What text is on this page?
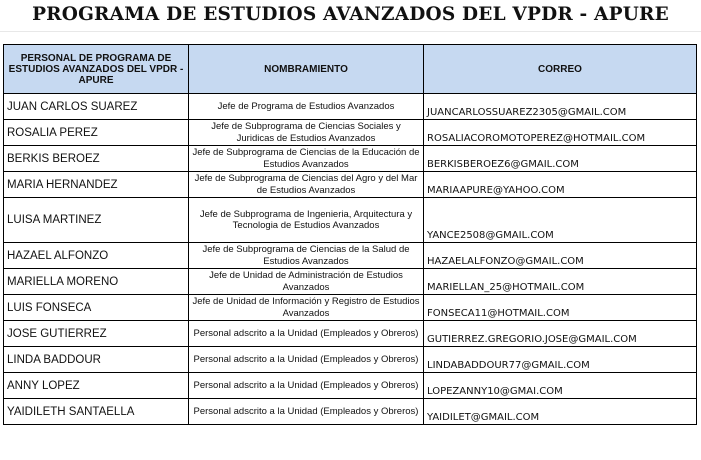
PROGRAMA DE ESTUDIOS AVANZADOS DEL VPDR - APURE
PERSONAL DE PROGRAMA DE ESTUDIOS AVANZADOS DEL VPDR - APURE	NOMBRAMIENTO	CORREO
JUAN CARLOS SUAREZ	Jefe de Programa de Estudios Avanzados	JUANCARLOSSUAREZ2305@GMAIL.COM
ROSALIA PEREZ	Jefe de Subprograma de Ciencias Sociales y Juridicas de Estudios Avanzados	ROSALIACOROMOTOPEREZ@HOTMAIL.COM
BERKIS BEROEZ	Jefe de Subprograma de Ciencias de la Educación de Estudios Avanzados	BERKISBEROEZ6@GMAIL.COM
MARIA HERNANDEZ	Jefe de Subprograma de Ciencias del Agro y del Mar de Estudios Avanzados	MARIAAPURE@YAHOO.COM
LUISA MARTINEZ	Jefe de Subprograma de Ingenieria, Arquitectura y Tecnologia de Estudios Avanzados	YANCE2508@GMAIL.COM
HAZAEL ALFONZO	Jefe de Subprograma de Ciencias de la Salud de Estudios Avanzados	HAZAELALFONZO@GMAIL.COM
MARIELLA MORENO	Jefe de Unidad de Administración de Estudios Avanzados	MARIELLAN_25@HOTMAIL.COM
LUIS FONSECA	Jefe de Unidad de Información y Registro de Estudios Avanzados	FONSECA11@HOTMAIL.COM
JOSE GUTIERREZ	Personal adscrito a la Unidad (Empleados y Obreros)	GUTIERREZ.GREGORIO.JOSE@GMAIL.COM
LINDA BADDOUR	Personal adscrito a la Unidad (Empleados y Obreros)	LINDABADDOUR77@GMAIL.COM
ANNY LOPEZ	Personal adscrito a la Unidad (Empleados y Obreros)	LOPEZANNY10@GMAI.COM
YAIDILETH SANTAELLA	Personal adscrito a la Unidad (Empleados y Obreros)	YAIDILET@GMAIL.COM
